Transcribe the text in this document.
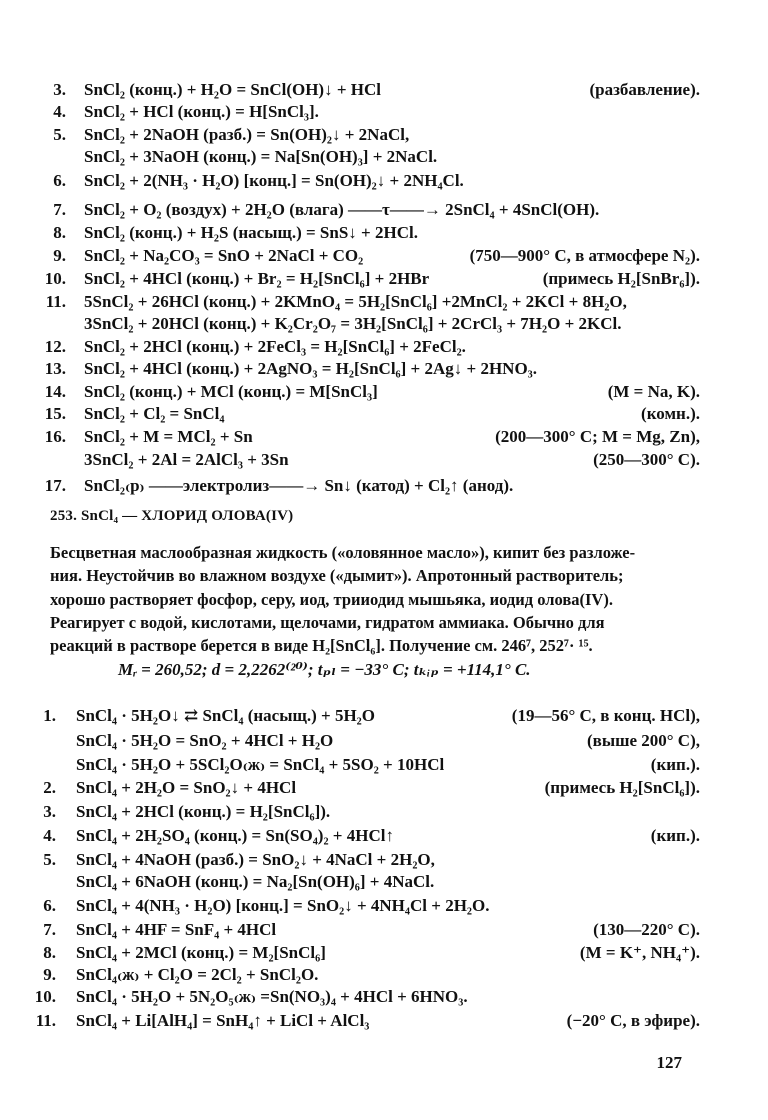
3. SnCl₂ (конц.) + H₂O = SnCl(OH)↓ + HCl	(разбавление).
4. SnCl₂ + HCl (конц.) = H[SnCl₃].
5. SnCl₂ + 2NaOH (разб.) = Sn(OH)₂↓ + 2NaCl,
SnCl₂ + 3NaOH (конц.) = Na[Sn(OH)₃] + 2NaCl.
6. SnCl₂ + 2(NH₃ · H₂O) [конц.] = Sn(OH)₂↓ + 2NH₄Cl.
7. SnCl₂ + O₂ (воздух) + 2H₂O (влага) ——τ——→ 2SnCl₄ + 4SnCl(OH).
8. SnCl₂ (конц.) + H₂S (насыщ.) = SnS↓ + 2HCl.
9. SnCl₂ + Na₂CO₃ = SnO + 2NaCl + CO₂	(750—900° C, в атмосфере N₂).
10. SnCl₂ + 4HCl (конц.) + Br₂ = H₂[SnCl₆] + 2HBr	(примесь H₂[SnBr₆]).
11. 5SnCl₂ + 26HCl (конц.) + 2KMnO₄ = 5H₂[SnCl₆] +2MnCl₂ + 2KCl + 8H₂O,
3SnCl₂ + 20HCl (конц.) + K₂Cr₂O₇ = 3H₂[SnCl₆] + 2CrCl₃ + 7H₂O + 2KCl.
12. SnCl₂ + 2HCl (конц.) + 2FeCl₃ = H₂[SnCl₆] + 2FeCl₂.
13. SnCl₂ + 4HCl (конц.) + 2AgNO₃ = H₂[SnCl₆] + 2Ag↓ + 2HNO₃.
14. SnCl₂ (конц.) + MCl (конц.) = M[SnCl₃]	(M = Na, K).
15. SnCl₂ + Cl₂ = SnCl₄	(комн.).
16. SnCl₂ + M = MCl₂ + Sn	(200—300° C; M = Mg, Zn),
3SnCl₂ + 2Al = 2AlCl₃ + 3Sn	(250—300° C).
17. SnCl₂₍р₎ ——электролиз——→ Sn↓ (катод) + Cl₂↑ (анод).
253. SnCl₄ — ХЛОРИД ОЛОВА(IV)
Бесцветная маслообразная жидкость («оловянное масло»), кипит без разложе-
ния. Неустойчив во влажном воздухе («дымит»). Апротонный растворитель;
хорошо растворяет фосфор, серу, иод, трииодид мышьяка, иодид олова(IV).
Реагирует с водой, кислотами, щелочами, гидратом аммиака. Обычно для
реакций в растворе берется в виде H₂[SnCl₆]. Получение см. 246⁷, 252⁷· ¹⁵.
Mᵣ = 260,52; d = 2,2262⁽²⁰⁾; tₚₗ = −33° C; tₖᵢₚ = +114,1° C.
1. SnCl₄ · 5H₂O↓ ⇄ SnCl₄ (насыщ.) + 5H₂O	(19—56° C, в конц. HCl),
SnCl₄ · 5H₂O = SnO₂ + 4HCl + H₂O	(выше 200° C),
SnCl₄ · 5H₂O + 5SCl₂O₍ж₎ = SnCl₄ + 5SO₂ + 10HCl	(кип.).
2. SnCl₄ + 2H₂O = SnO₂↓ + 4HCl	(примесь H₂[SnCl₆]).
3. SnCl₄ + 2HCl (конц.) = H₂[SnCl₆]).
4. SnCl₄ + 2H₂SO₄ (конц.) = Sn(SO₄)₂ + 4HCl↑	(кип.).
5. SnCl₄ + 4NaOH (разб.) = SnO₂↓ + 4NaCl + 2H₂O,
SnCl₄ + 6NaOH (конц.) = Na₂[Sn(OH)₆] + 4NaCl.
6. SnCl₄ + 4(NH₃ · H₂O) [конц.] = SnO₂↓ + 4NH₄Cl + 2H₂O.
7. SnCl₄ + 4HF = SnF₄ + 4HCl	(130—220° C).
8. SnCl₄ + 2MCl (конц.) = M₂[SnCl₆]	(M = K⁺, NH₄⁺).
9. SnCl₄₍ж₎ + Cl₂O = 2Cl₂ + SnCl₂O.
10. SnCl₄ · 5H₂O + 5N₂O₅₍ж₎ =Sn(NO₃)₄ + 4HCl + 6HNO₃.
11. SnCl₄ + Li[AlH₄] = SnH₄↑ + LiCl + AlCl₃	(−20° C, в эфире).
127
